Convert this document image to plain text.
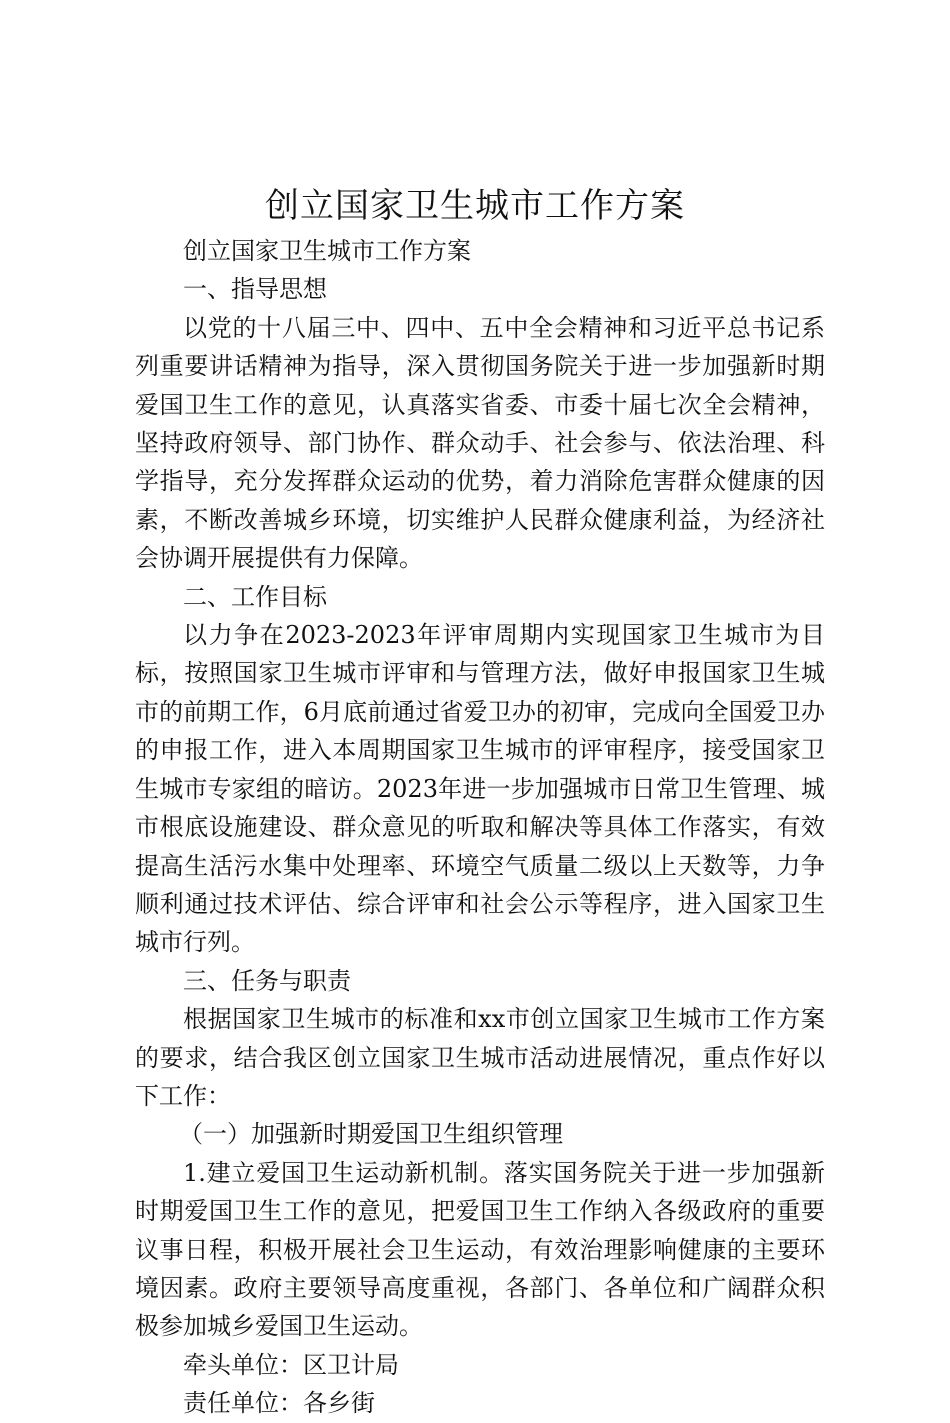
创立国家卫生城市工作方案

创立国家卫生城市工作方案

一、指导思想

以党的十八届三中、四中、五中全会精神和习近平总书记系列重要讲话精神为指导，深入贯彻国务院关于进一步加强新时期爱国卫生工作的意见，认真落实省委、市委十届七次全会精神，坚持政府领导、部门协作、群众动手、社会参与、依法治理、科学指导，充分发挥群众运动的优势，着力消除危害群众健康的因素，不断改善城乡环境，切实维护人民群众健康利益，为经济社会协调开展提供有力保障。

二、工作目标

以力争在2023-2023年评审周期内实现国家卫生城市为目标，按照国家卫生城市评审和与管理方法，做好申报国家卫生城市的前期工作，6月底前通过省爱卫办的初审，完成向全国爱卫办的申报工作，进入本周期国家卫生城市的评审程序，接受国家卫生城市专家组的暗访。2023年进一步加强城市日常卫生管理、城市根底设施建设、群众意见的听取和解决等具体工作落实，有效提高生活污水集中处理率、环境空气质量二级以上天数等，力争顺利通过技术评估、综合评审和社会公示等程序，进入国家卫生城市行列。

三、任务与职责

根据国家卫生城市的标准和xx市创立国家卫生城市工作方案的要求，结合我区创立国家卫生城市活动进展情况，重点作好以下工作：

（一）加强新时期爱国卫生组织管理

1.建立爱国卫生运动新机制。落实国务院关于进一步加强新时期爱国卫生工作的意见，把爱国卫生工作纳入各级政府的重要议事日程，积极开展社会卫生运动，有效治理影响健康的主要环境因素。政府主要领导高度重视，各部门、各单位和广阔群众积极参加城乡爱国卫生运动。

牵头单位：区卫计局

责任单位：各乡街
